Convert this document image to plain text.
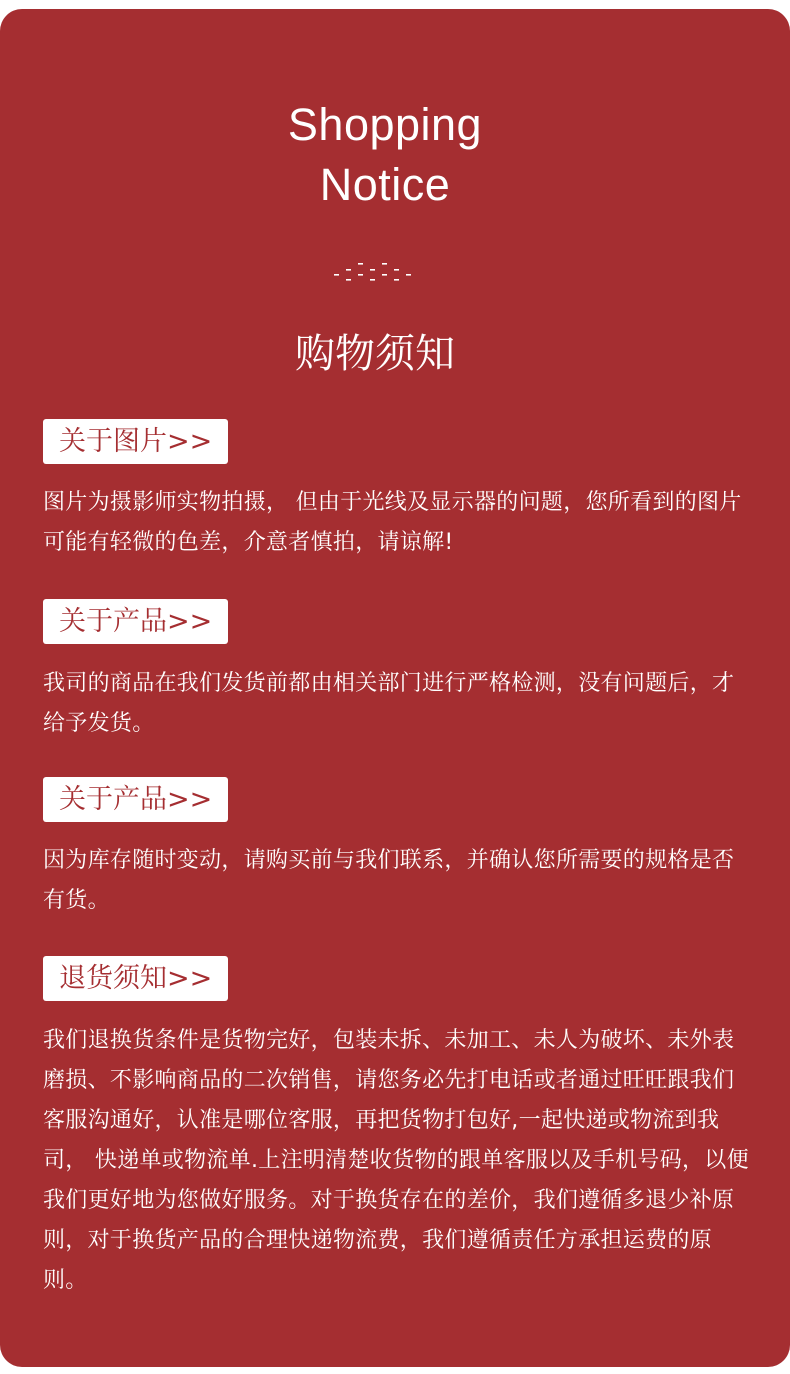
Shopping
Notice
购物须知
关于图片>>
图片为摄影师实物拍摄， 但由于光线及显示器的问题，您所看到的图片可能有轻微的色差，介意者慎拍，请谅解!
关于产品>>
我司的商品在我们发货前都由相关部门进行严格检测，没有问题后，才给予发货。
关于产品>>
因为库存随时变动，请购买前与我们联系，并确认您所需要的规格是否有货。
退货须知>>
我们退换货条件是货物完好，包装未拆、未加工、未人为破坏、未外表磨损、不影响商品的二次销售，请您务必先打电话或者通过旺旺跟我们客服沟通好，认准是哪位客服，再把货物打包好,一起快递或物流到我司， 快递单或物流单.上注明清楚收货物的跟单客服以及手机号码，以便我们更好地为您做好服务。对于换货存在的差价，我们遵循多退少补原则，对于换货产品的合理快递物流费，我们遵循责任方承担运费的原则。
